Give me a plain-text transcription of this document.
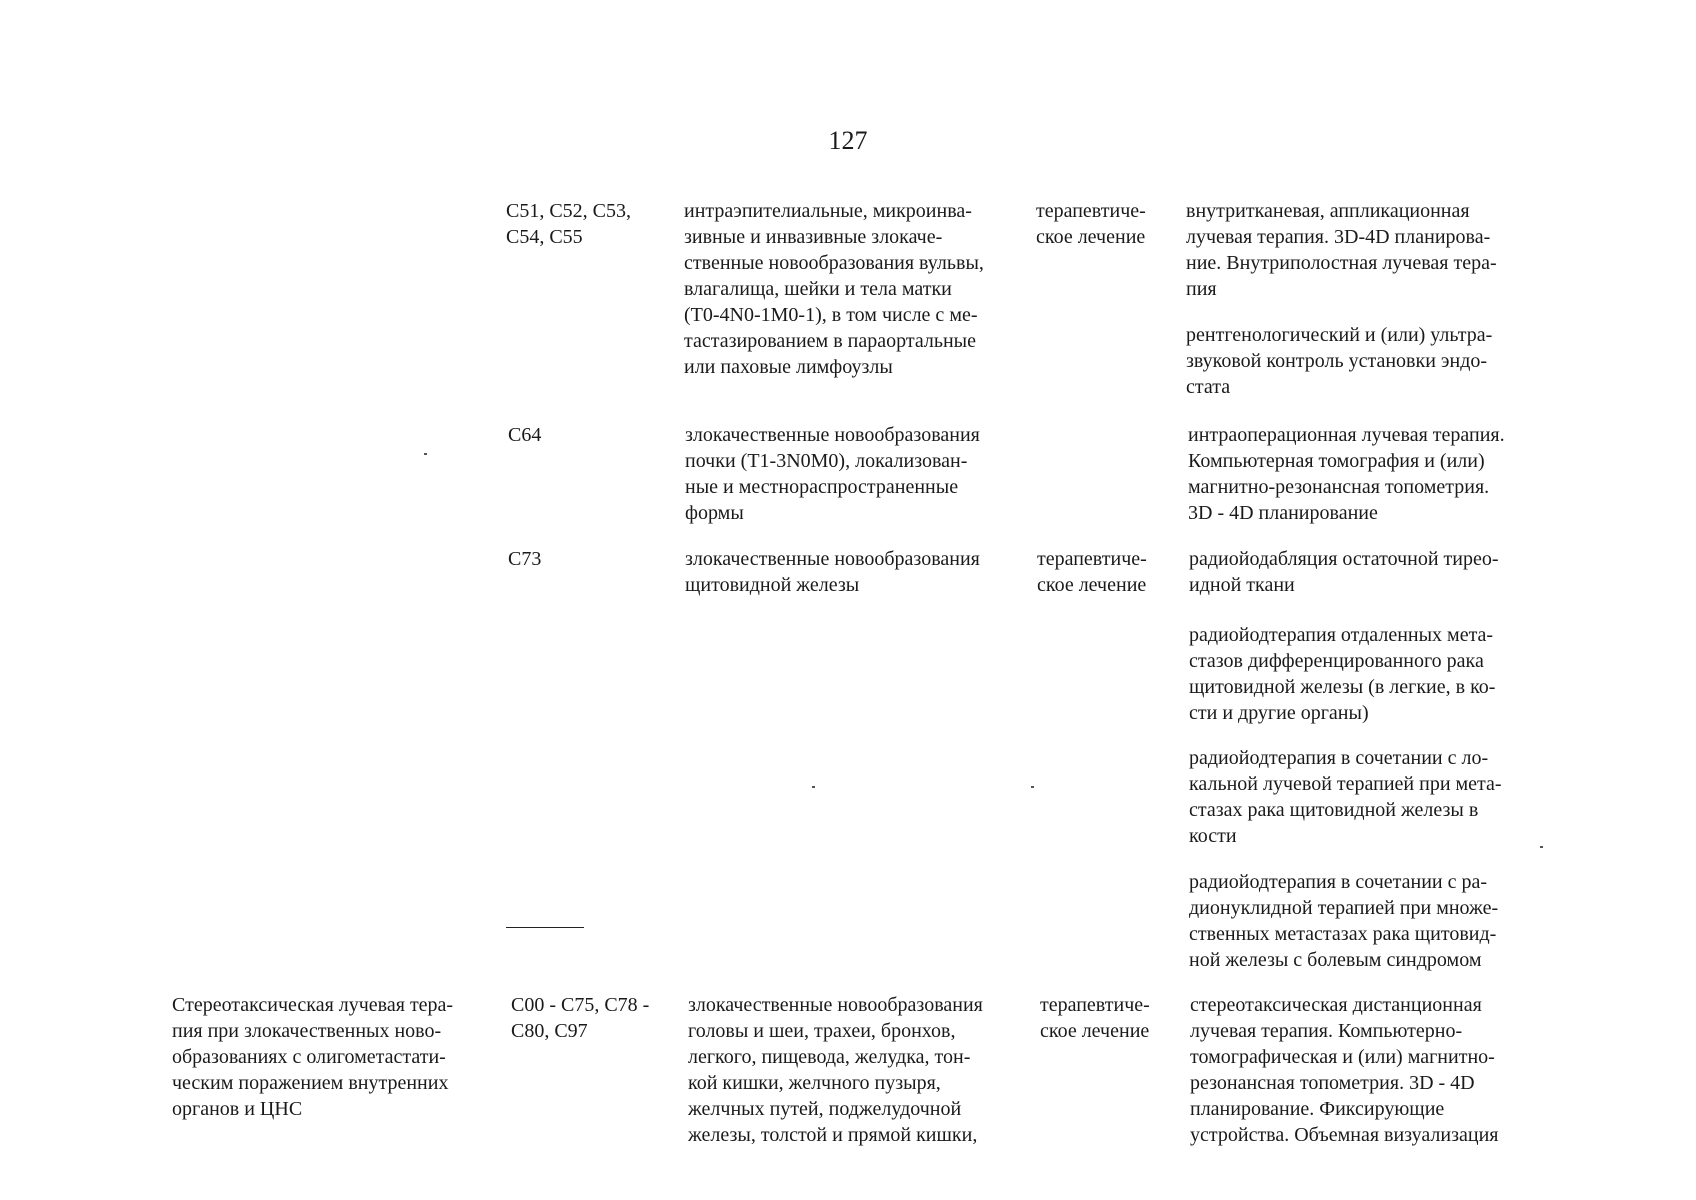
127
С51, С52, С53,
С54, С55
интраэпителиальные, микроинва-
зивные и инвазивные злокаче-
ственные новообразования вульвы,
влагалища, шейки и тела матки
(Т0-4N0-1М0-1), в том числе с ме-
тастазированием в параортальные
или паховые лимфоузлы
терапевтиче-
ское лечение
внутритканевая, аппликационная
лучевая терапия. 3D-4D планирова-
ние. Внутриполостная лучевая тера-
пия
рентгенологический и (или) ультра-
звуковой контроль установки эндо-
стата
С64	злокачественные новообразования
почки (Т1-3N0М0), локализован-
ные и местнораспространенные
формы
интраоперационная лучевая терапия.
Компьютерная томография и (или)
магнитно-резонансная топометрия.
3D - 4D планирование
С73	злокачественные новообразования
щитовидной железы
терапевтиче-
ское лечение
радиойодабляция остаточной тирео-
идной ткани
радиойодтерапия отдаленных мета-
стазов дифференцированного рака
щитовидной железы (в легкие, в ко-
сти и другие органы)
радиойодтерапия в сочетании с ло-
кальной лучевой терапией при мета-
стазах рака щитовидной железы в
кости
радиойодтерапия в сочетании с ра-
дионуклидной терапией при множе-
ственных метастазах рака щитовид-
ной железы с болевым синдромом
Стереотаксическая лучевая тера-
пия при злокачественных ново-
образованиях с олигометастати-
ческим поражением внутренних
органов и ЦНС
С00 - С75, С78 -
С80, С97
злокачественные новообразования
головы и шеи, трахеи, бронхов,
легкого, пищевода, желудка, тон-
кой кишки, желчного пузыря,
желчных путей, поджелудочной
железы, толстой и прямой кишки,
терапевтиче-
ское лечение
стереотаксическая дистанционная
лучевая терапия. Компьютерно-
томографическая и (или) магнитно-
резонансная топометрия. 3D - 4D
планирование. Фиксирующие
устройства. Объемная визуализация
